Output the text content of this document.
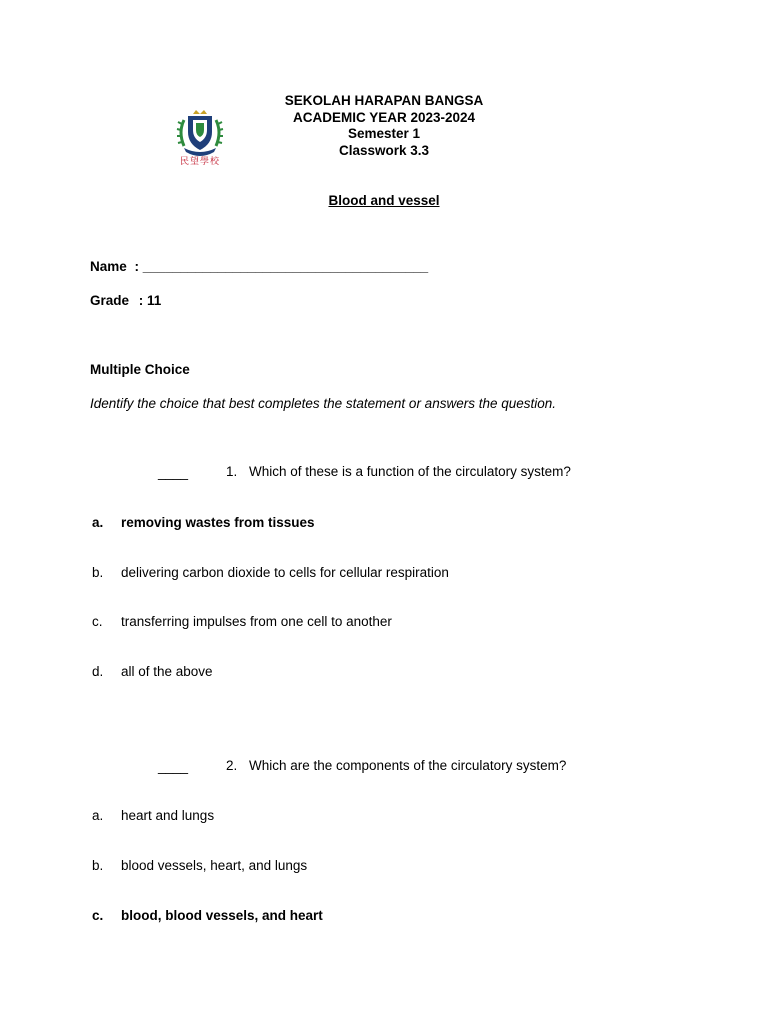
民望學校
SEKOLAH HARAPAN BANGSA
ACADEMIC YEAR 2023-2024
Semester 1
Classwork 3.3
Blood and vessel
Name : ______________________________________
Grade : 11
Multiple Choice
Identify the choice that best completes the statement or answers the question.
____	1. Which of these is a function of the circulatory system?
a. removing wastes from tissues
b. delivering carbon dioxide to cells for cellular respiration
c. transferring impulses from one cell to another
d. all of the above
____	2. Which are the components of the circulatory system?
a. heart and lungs
b. blood vessels, heart, and lungs
c. blood, blood vessels, and heart
